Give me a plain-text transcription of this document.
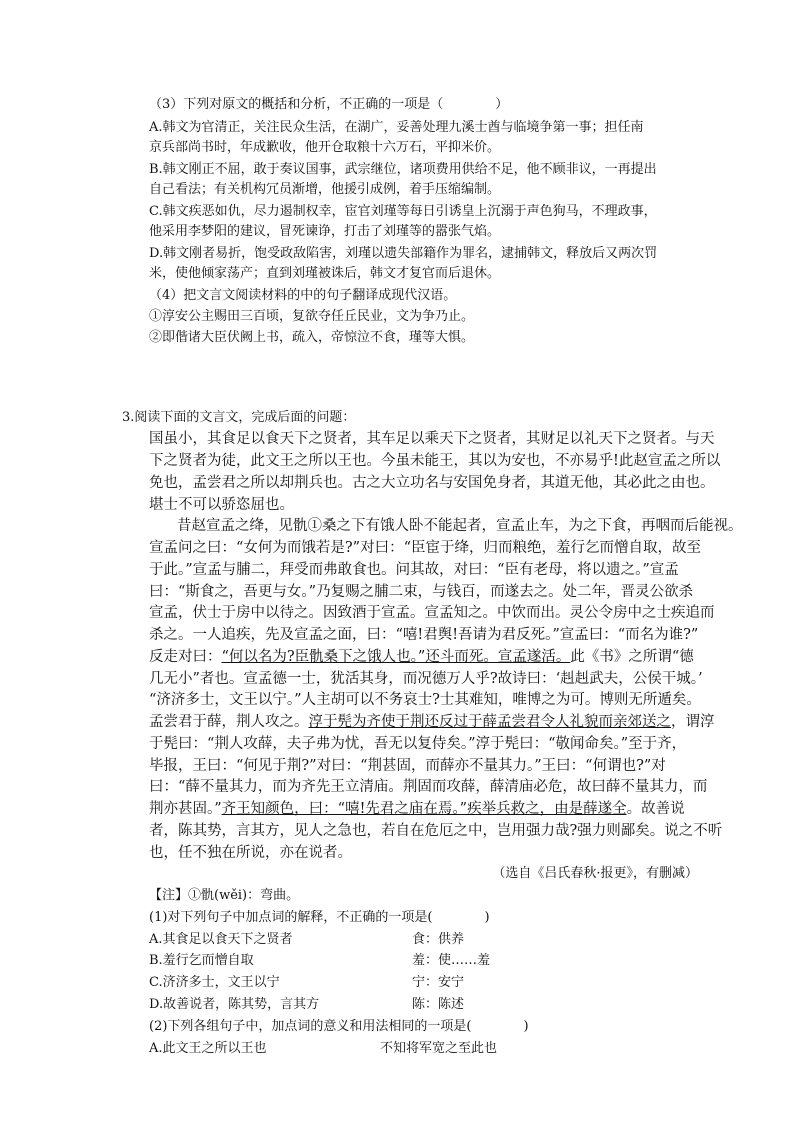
（3）下列对原文的概括和分析，不正确的一项是（　　　　）
A.韩文为官清正，关注民众生活，在湖广，妥善处理九溪士酋与临境争第一事；担任南
京兵部尚书时，年成歉收，他开仓取粮十六万石，平抑米价。
B.韩文刚正不屈，敢于奏议国事，武宗继位，诸项费用供给不足，他不顾非议，一再提出
自己看法；有关机构冗员渐增，他援引成例，着手压缩编制。
C.韩文疾恶如仇，尽力遏制权幸，宦官刘瑾等每日引诱皇上沉溺于声色狗马，不理政事，
他采用李梦阳的建议，冒死谏诤，打击了刘瑾等的嚣张气焰。
D.韩文刚者易折，饱受政敌陷害，刘瑾以遗失部籍作为罪名，逮捕韩文，释放后又两次罚
米，使他倾家荡产；直到刘瑾被诛后，韩文才复官而后退休。
（4）把文言文阅读材料的中的句子翻译成现代汉语。
①淳安公主赐田三百顷，复欲夺任丘民业，文为争乃止。
②即偕诸大臣伏阙上书，疏入，帝惊泣不食，瑾等大惧。
3.阅读下面的文言文，完成后面的问题：
国虽小，其食足以食天下之贤者，其车足以乘天下之贤者，其财足以礼天下之贤者。与天
下之贤者为徒，此文王之所以王也。今虽未能王，其以为安也，不亦易乎!此赵宣孟之所以
免也，孟尝君之所以却荆兵也。古之大立功名与安国免身者，其道无他，其必此之由也。
堪士不可以骄恣屈也。
昔赵宣孟之绛，见骩①桑之下有饿人卧不能起者，宣孟止车，为之下食，再咽而后能视。
宣孟问之曰：“女何为而饿若是?”对曰：“臣宦于绛，归而粮绝，羞行乞而憎自取，故至
于此。”宣孟与脯二，拜受而弗敢食也。问其故，对曰：“臣有老母，将以遗之。”宣孟
曰：“斯食之，吾更与女。”乃复赐之脯二束，与钱百，而遂去之。处二年，晋灵公欲杀
宣孟，伏士于房中以待之。因致酒于宣孟。宣孟知之。中饮而出。灵公令房中之士疾追而
杀之。一人追疾，先及宣孟之面，曰：“嘻!君舆!吾请为君反死。”宣孟曰：“而名为谁?”
反走对曰：“何以名为?臣骩桑下之饿人也。”还斗而死。宣孟遂活。此《书》之所谓“德
几无小”者也。宣孟德一士，犹活其身，而况德万人乎?故诗曰：‘赳赳武夫，公侯干城。’
“济济多士，文王以宁。”人主胡可以不务哀士?士其难知，唯博之为可。博则无所遁矣。
孟尝君于薛，荆人攻之。淳于髡为齐使于荆还反过于薛孟尝君令人礼貌而亲郊送之，谓淳
于髡曰：“荆人攻薛，夫子弗为忧，吾无以复侍矣。”淳于髡曰：“敬闻命矣。”至于齐，
毕报，王曰：“何见于荆?”对曰：“荆甚固，而薛亦不量其力。”王曰：“何谓也?”对
曰：“薛不量其力，而为齐先王立清庙。荆固而攻薛，薛清庙必危，故曰薛不量其力，而
荆亦甚固。”齐王知颜色，曰：“嘻!先君之庙在焉。”疾举兵救之，由是薛遂全。故善说
者，陈其势，言其方，见人之急也，若自在危厄之中，岂用强力哉?强力则鄙矣。说之不听
也，任不独在所说，亦在说者。
（选自《吕氏春秋·报更》，有删减）
【注】①骩(wěi)：弯曲。
(1)对下列句子中加点词的解释，不正确的一项是(　　　　)
A.其食足以食天下之贤者	食：供养
B.羞行乞而憎自取	羞：使……羞
C.济济多士，文王以宁	宁：安宁
D.故善说者，陈其势，言其方	陈：陈述
(2)下列各组句子中，加点词的意义和用法相同的一项是(　　　　)
A.此文王之所以王也	不知将军宽之至此也
